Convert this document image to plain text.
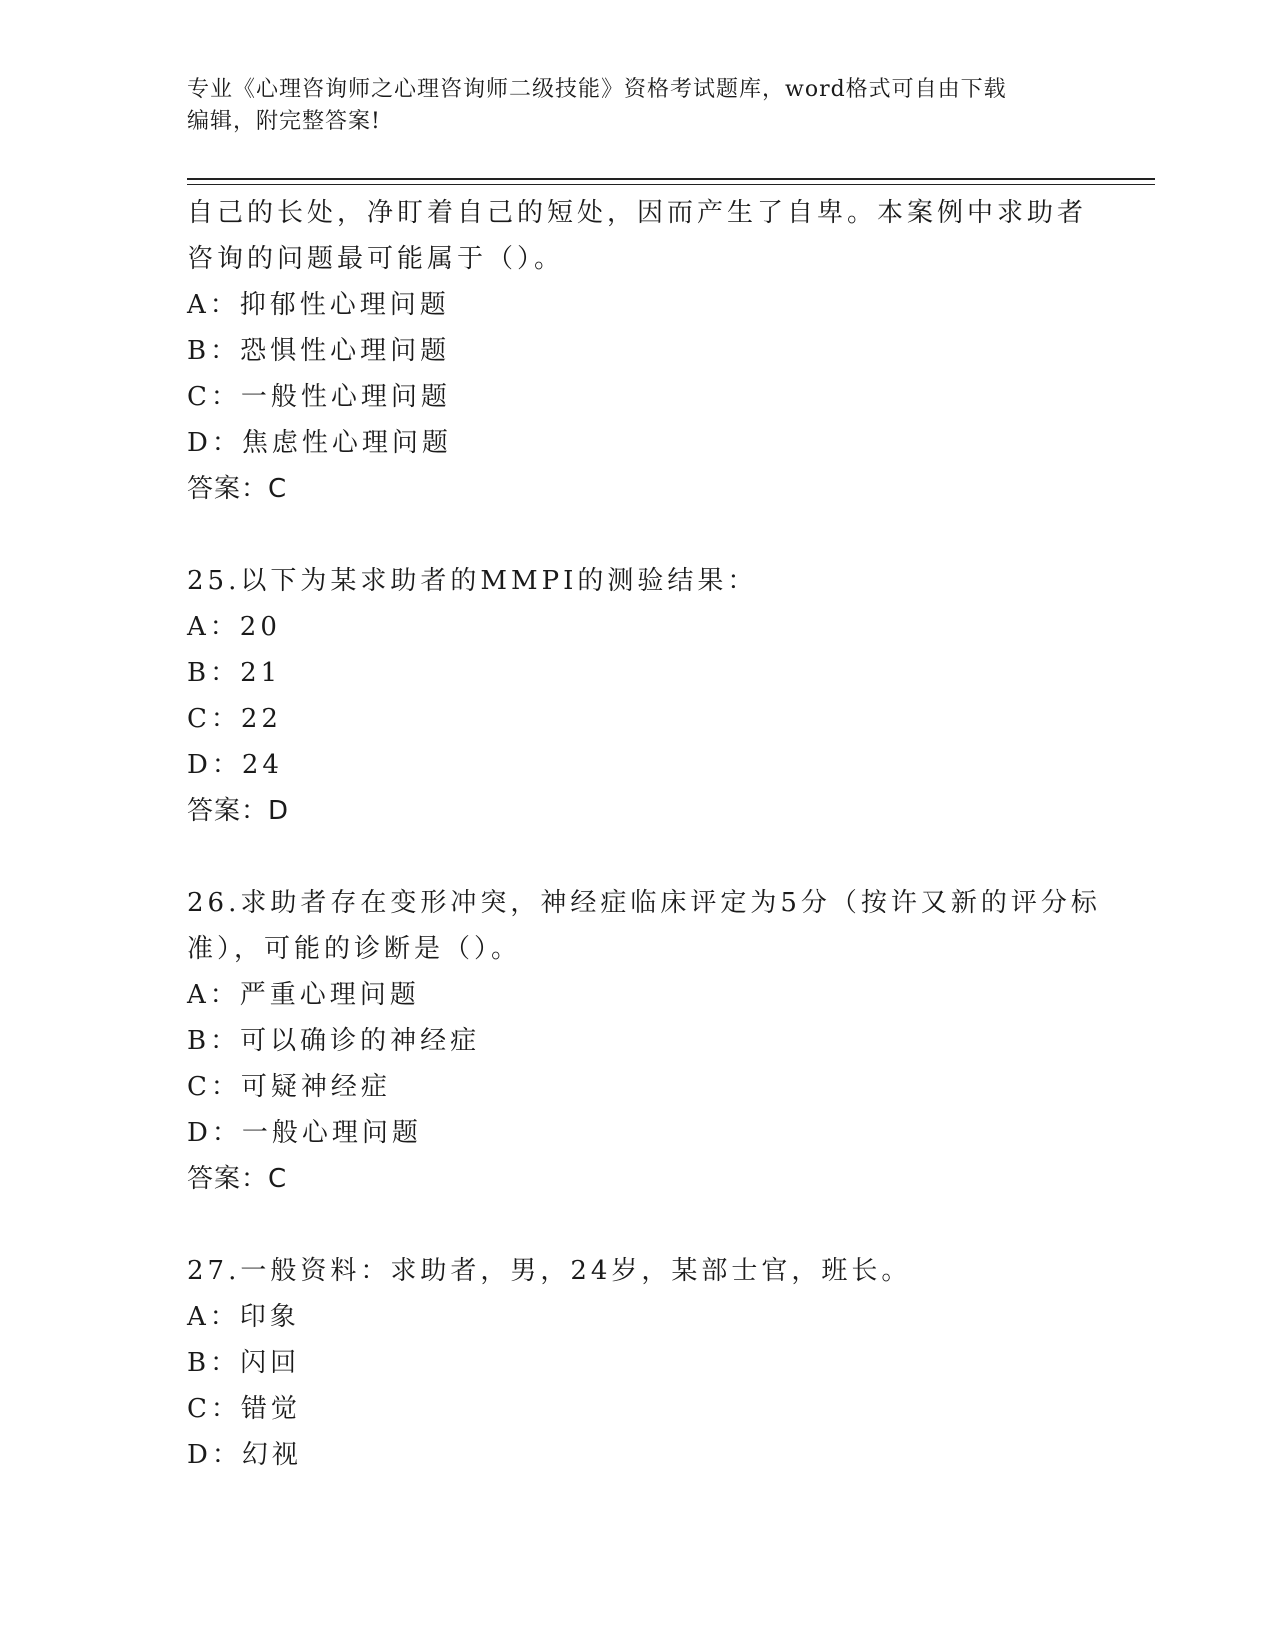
专业《心理咨询师之心理咨询师二级技能》资格考试题库，word格式可自由下载
编辑，附完整答案!
自己的长处，净盯着自己的短处，因而产生了自卑。本案例中求助者
咨询的问题最可能属于（）。
A：抑郁性心理问题
B：恐惧性心理问题
C：一般性心理问题
D：焦虑性心理问题
答案：C
25.以下为某求助者的MMPI的测验结果：
A：20
B：21
C：22
D：24
答案：D
26.求助者存在变形冲突，神经症临床评定为5分（按许又新的评分标
准），可能的诊断是（）。
A：严重心理问题
B：可以确诊的神经症
C：可疑神经症
D：一般心理问题
答案：C
27.一般资料：求助者，男，24岁，某部士官，班长。
A：印象
B：闪回
C：错觉
D：幻视
